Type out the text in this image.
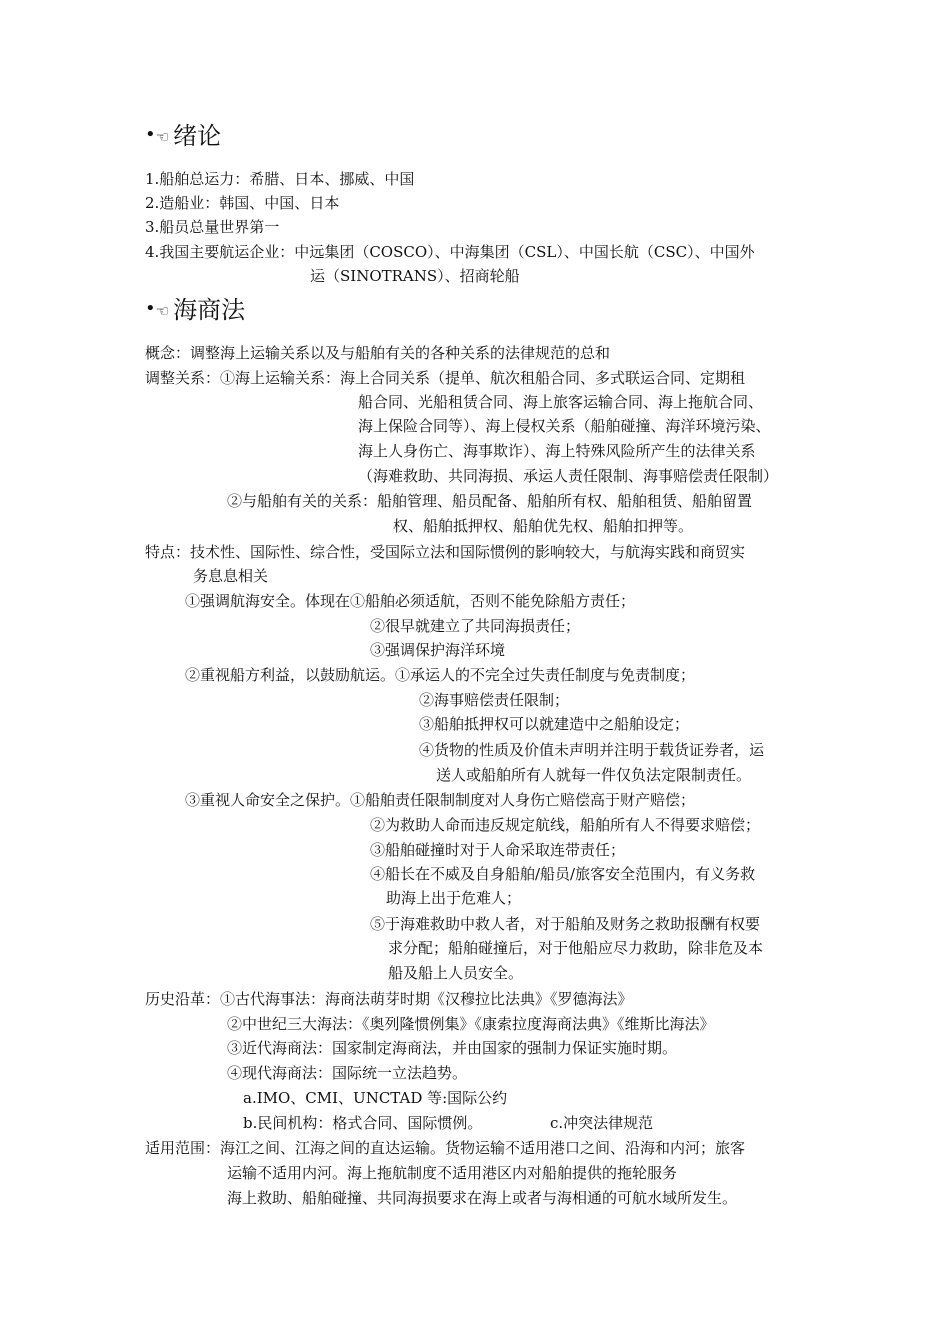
•☜ 绪论
1.船舶总运力：希腊、日本、挪威、中国
2.造船业：韩国、中国、日本
3.船员总量世界第一
4.我国主要航运企业：中远集团（COSCO）、中海集团（CSL）、中国长航（CSC）、中国外
运（SINOTRANS）、招商轮船
•☜ 海商法
概念：调整海上运输关系以及与船舶有关的各种关系的法律规范的总和
调整关系：①海上运输关系：海上合同关系（提单、航次租船合同、多式联运合同、定期租
船合同、光船租赁合同、海上旅客运输合同、海上拖航合同、
海上保险合同等）、海上侵权关系（船舶碰撞、海洋环境污染、
海上人身伤亡、海事欺诈）、海上特殊风险所产生的法律关系
（海难救助、共同海损、承运人责任限制、海事赔偿责任限制）
②与船舶有关的关系：船舶管理、船员配备、船舶所有权、船舶租赁、船舶留置
权、船舶抵押权、船舶优先权、船舶扣押等。
特点：技术性、国际性、综合性，受国际立法和国际惯例的影响较大，与航海实践和商贸实
务息息相关
①强调航海安全。体现在①船舶必须适航，否则不能免除船方责任；
②很早就建立了共同海损责任；
③强调保护海洋环境
②重视船方利益，以鼓励航运。①承运人的不完全过失责任制度与免责制度；
②海事赔偿责任限制；
③船舶抵押权可以就建造中之船舶设定；
④货物的性质及价值未声明并注明于载货证券者，运
送人或船舶所有人就每一件仅负法定限制责任。
③重视人命安全之保护。①船舶责任限制制度对人身伤亡赔偿高于财产赔偿；
②为救助人命而违反规定航线，船舶所有人不得要求赔偿；
③船舶碰撞时对于人命采取连带责任；
④船长在不威及自身船舶/船员/旅客安全范围内，有义务救
助海上出于危难人；
⑤于海难救助中救人者，对于船舶及财务之救助报酬有权要
求分配；船舶碰撞后，对于他船应尽力救助，除非危及本
船及船上人员安全。
历史沿革：①古代海事法：海商法萌芽时期《汉穆拉比法典》《罗德海法》
②中世纪三大海法：《奥列隆惯例集》《康索拉度海商法典》《维斯比海法》
③近代海商法：国家制定海商法，并由国家的强制力保证实施时期。
④现代海商法：国际统一立法趋势。
a.IMO、CMI、UNCTAD 等:国际公约
b.民间机构：格式合同、国际惯例。	c.冲突法律规范
适用范围：海江之间、江海之间的直达运输。货物运输不适用港口之间、沿海和内河；旅客
运输不适用内河。海上拖航制度不适用港区内对船舶提供的拖轮服务
海上救助、船舶碰撞、共同海损要求在海上或者与海相通的可航水域所发生。
